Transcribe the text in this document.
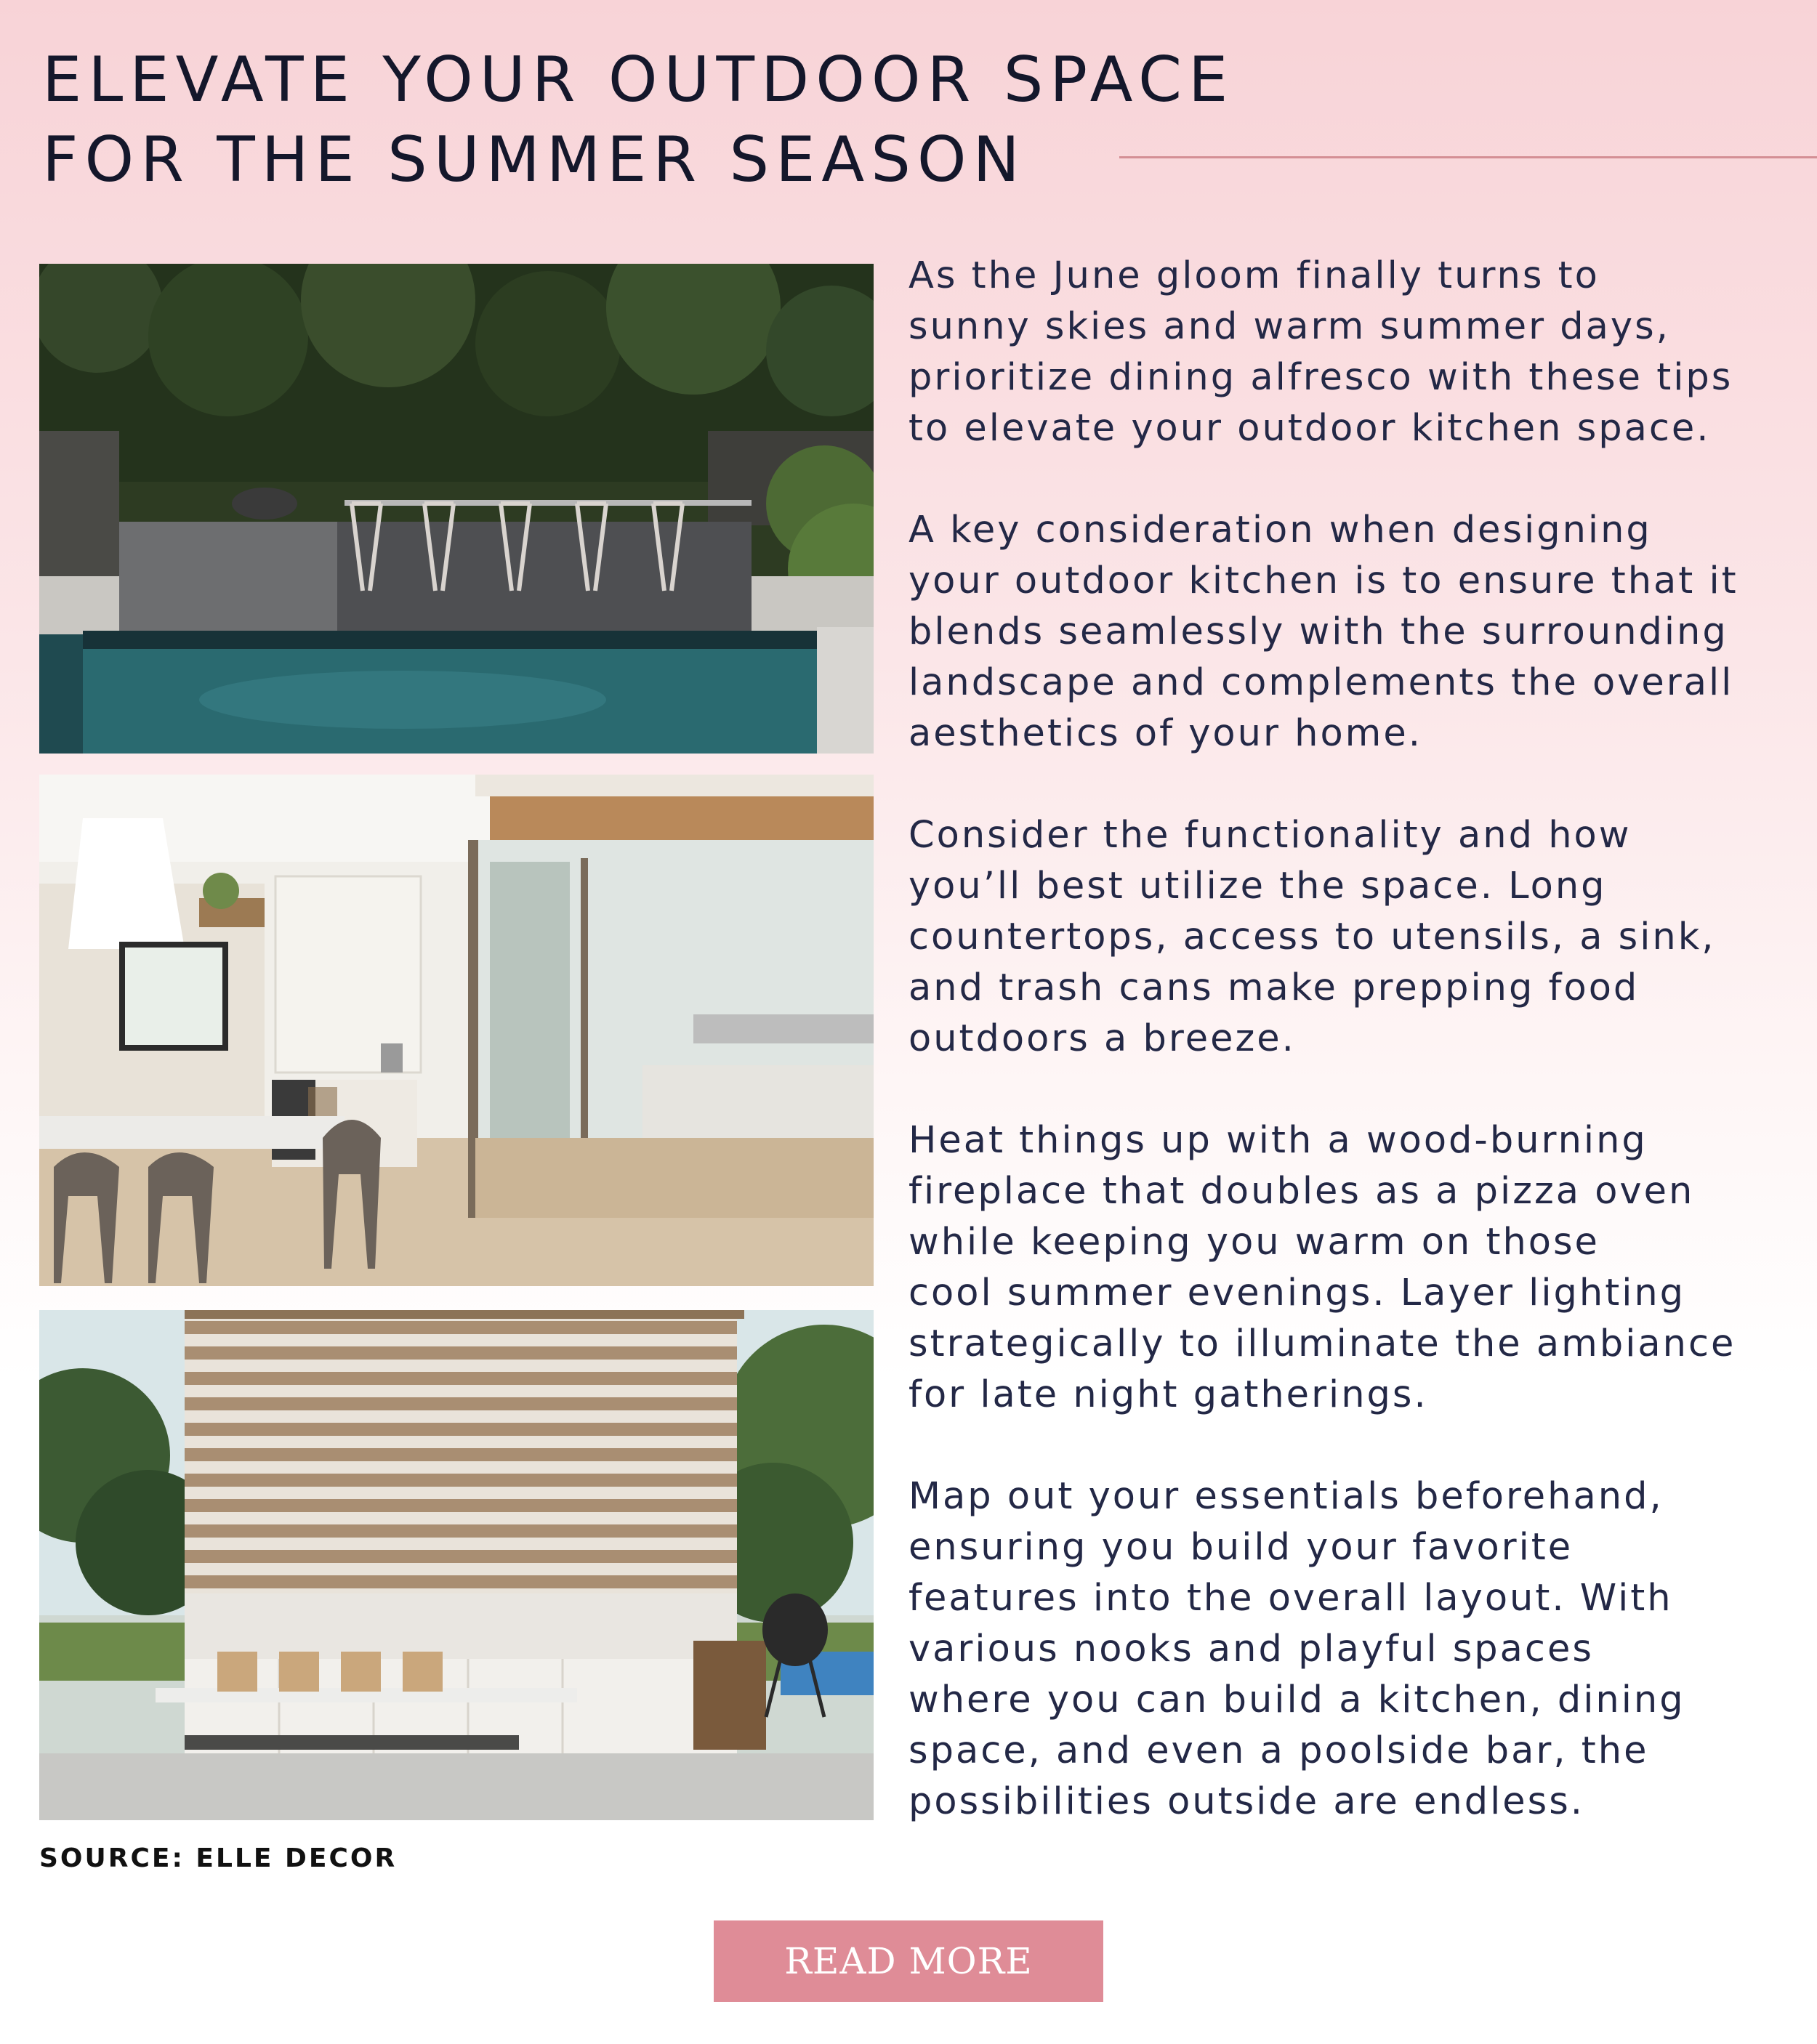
ELEVATE YOUR OUTDOOR SPACE
FOR THE SUMMER SEASON
SOURCE: ELLE DECOR

As the June gloom finally turns to
sunny skies and warm summer days,
prioritize dining alfresco with these tips
to elevate your outdoor kitchen space.

A key consideration when designing
your outdoor kitchen is to ensure that it
blends seamlessly with the surrounding
landscape and complements the overall
aesthetics of your home.

Consider the functionality and how
you’ll best utilize the space. Long
countertops, access to utensils, a sink,
and trash cans make prepping food
outdoors a breeze.

Heat things up with a wood-burning
fireplace that doubles as a pizza oven
while keeping you warm on those
cool summer evenings. Layer lighting
strategically to illuminate the ambiance
for late night gatherings.

Map out your essentials beforehand,
ensuring you build your favorite
features into the overall layout. With
various nooks and playful spaces
where you can build a kitchen, dining
space, and even a poolside bar, the
possibilities outside are endless.

READ MORE
